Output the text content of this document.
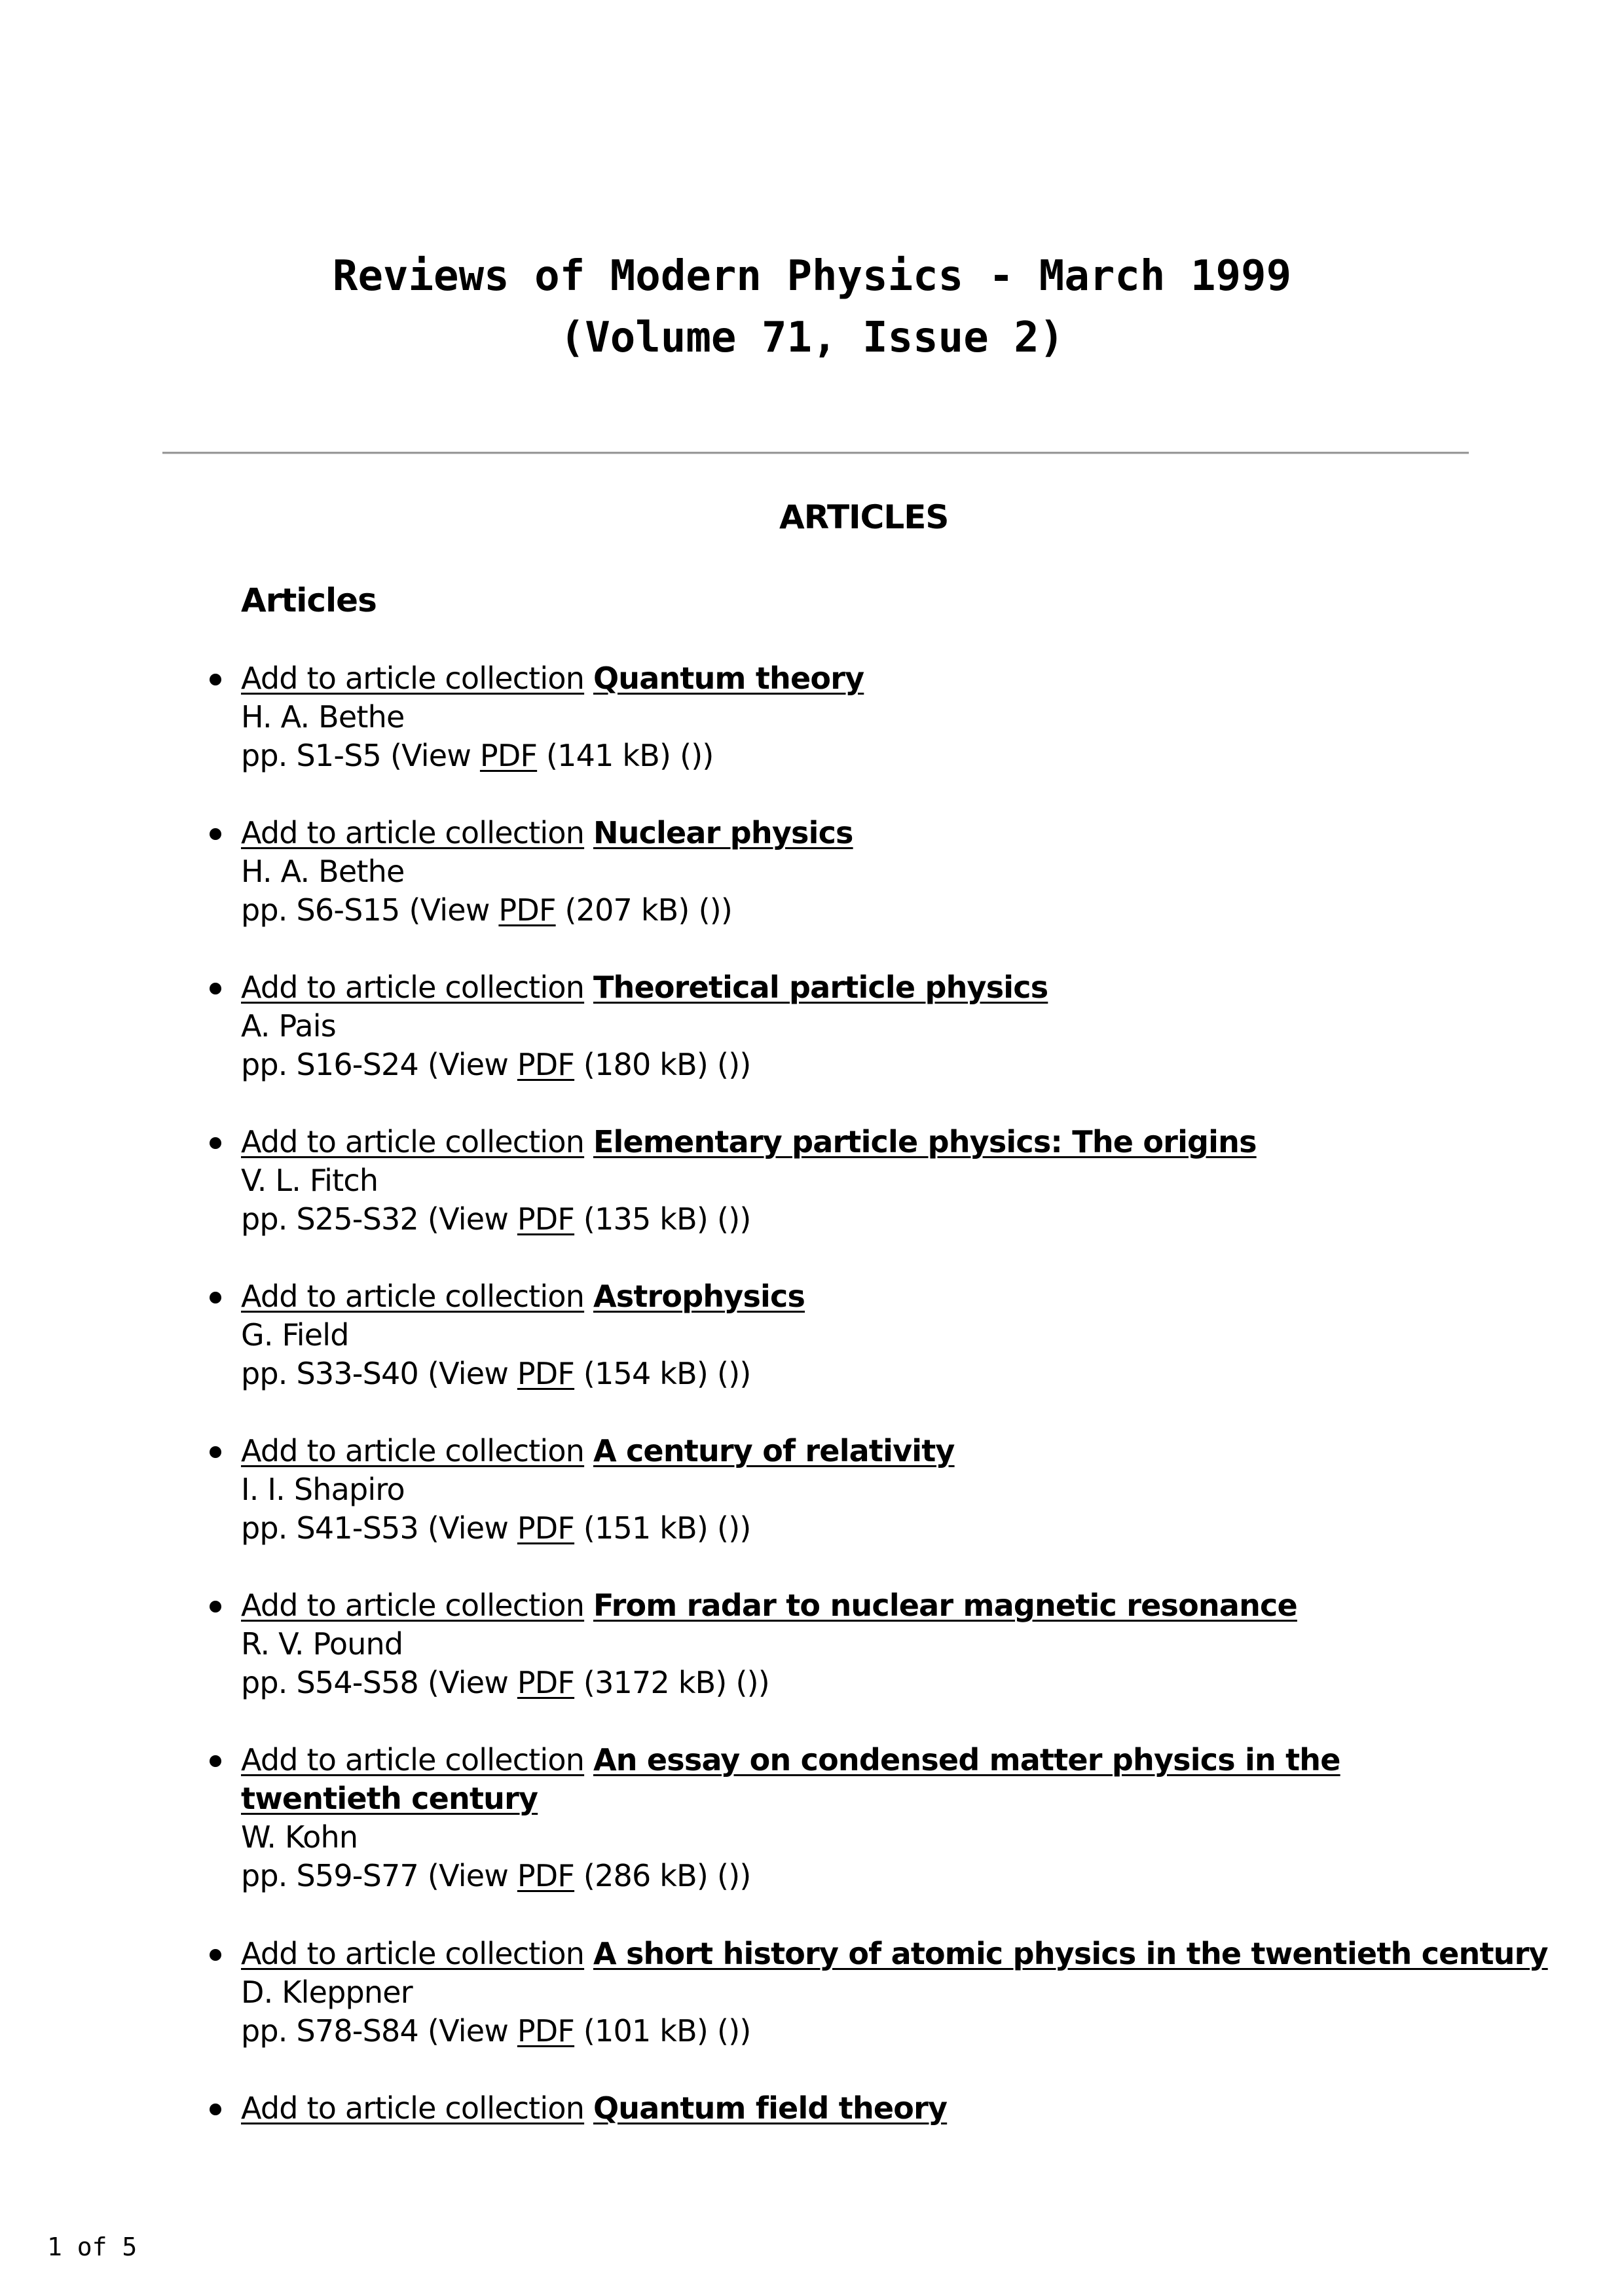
Reviews of Modern Physics - March 1999
(Volume 71, Issue 2)
ARTICLES
Articles
Add to article collection Quantum theory
H. A. Bethe
pp. S1-S5 (View PDF (141 kB) ())
Add to article collection Nuclear physics
H. A. Bethe
pp. S6-S15 (View PDF (207 kB) ())
Add to article collection Theoretical particle physics
A. Pais
pp. S16-S24 (View PDF (180 kB) ())
Add to article collection Elementary particle physics: The origins
V. L. Fitch
pp. S25-S32 (View PDF (135 kB) ())
Add to article collection Astrophysics
G. Field
pp. S33-S40 (View PDF (154 kB) ())
Add to article collection A century of relativity
I. I. Shapiro
pp. S41-S53 (View PDF (151 kB) ())
Add to article collection From radar to nuclear magnetic resonance
R. V. Pound
pp. S54-S58 (View PDF (3172 kB) ())
Add to article collection An essay on condensed matter physics in the twentieth century
W. Kohn
pp. S59-S77 (View PDF (286 kB) ())
Add to article collection A short history of atomic physics in the twentieth century
D. Kleppner
pp. S78-S84 (View PDF (101 kB) ())
Add to article collection Quantum field theory
1 of 5
